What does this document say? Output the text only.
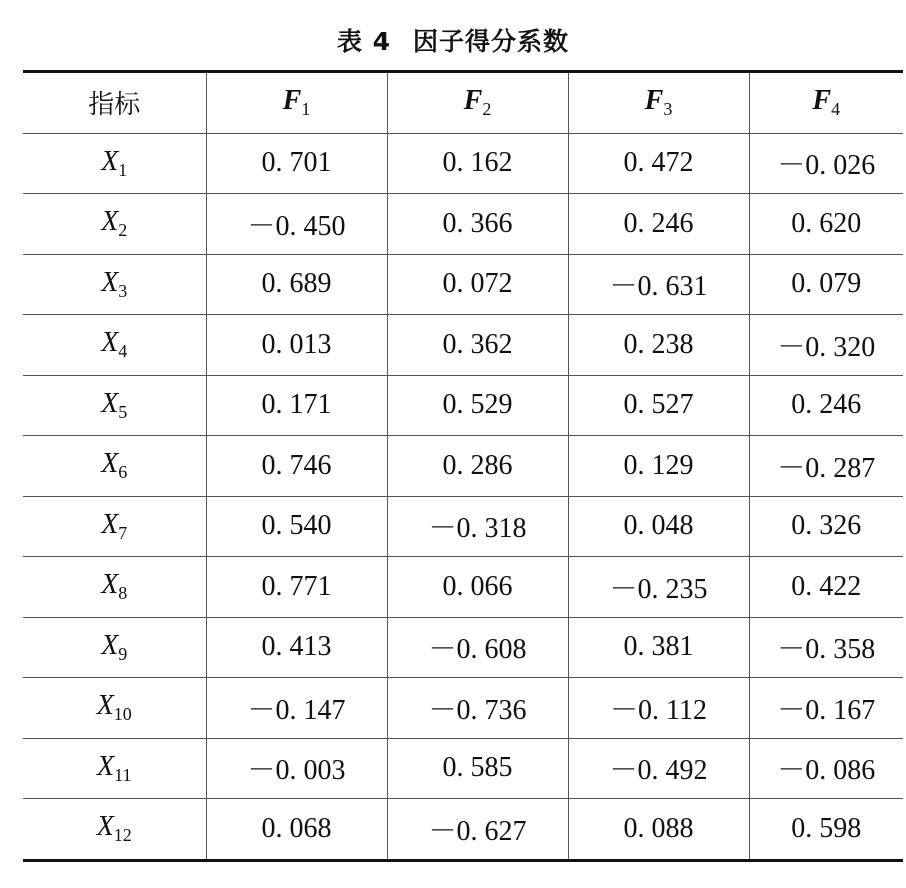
表 4 因子得分系数
指标	$F_1$	$F_2$	$F_3$	$F_4$
$X_1$	0. 701	0. 162	0. 472	－0. 026
$X_2$	－0. 450	0. 366	0. 246	0. 620
$X_3$	0. 689	0. 072	－0. 631	0. 079
$X_4$	0. 013	0. 362	0. 238	－0. 320
$X_5$	0. 171	0. 529	0. 527	0. 246
$X_6$	0. 746	0. 286	0. 129	－0. 287
$X_7$	0. 540	－0. 318	0. 048	0. 326
$X_8$	0. 771	0. 066	－0. 235	0. 422
$X_9$	0. 413	－0. 608	0. 381	－0. 358
$X_{10}$	－0. 147	－0. 736	－0. 112	－0. 167
$X_{11}$	－0. 003	0. 585	－0. 492	－0. 086
$X_{12}$	0. 068	－0. 627	0. 088	0. 598
